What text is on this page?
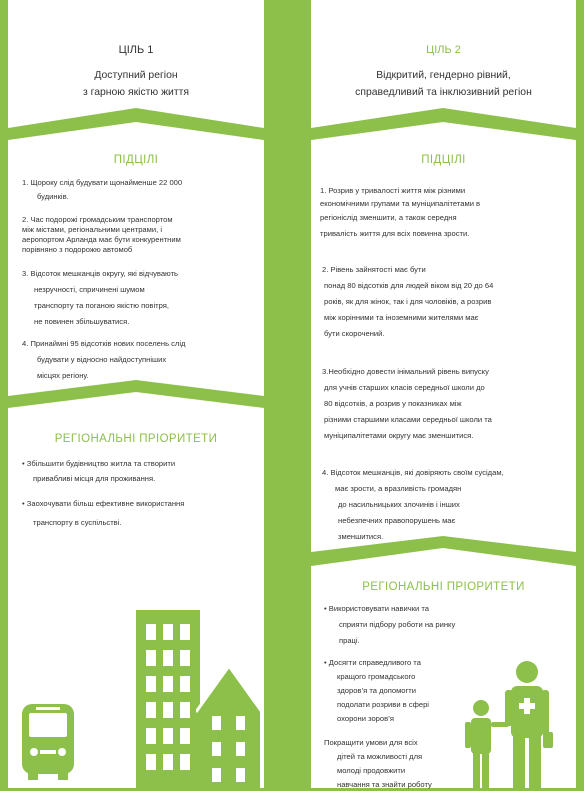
ЦІЛЬ 1
Доступний регіон
з гарною якістю життя
ПІДЦІЛІ
1. Щороку слід будувати щонайменше 22 000
будинків.
2. Час подорожі громадським транспортом
між містами, регіональними центрами, і
аеропортом Арланда має бути конкурентним
порівняно з подорожю автомоб
3. Відсоток мешканців округу, які відчувають
незручності, спричинені шумом
транспорту та поганою якістю повітря,
не повинен збільшуватися.
4. Принаймні 95 відсотків нових поселень слід
будувати у відносно найдоступніших
місцях регіону.
РЕГІОНАЛЬНІ ПРІОРИТЕТИ
• Збільшити будівництво житла та створити
привабливі місця для проживання.
• Заохочувати більш ефективне використання
транспорту в суспільстві.
ЦІЛЬ 2
Відкритий, гендерно рівний,
справедливий та інклюзивний регіон
ПІДЦІЛІ
1. Розрив у тривалості життя між різними
економічними групами та муніципалітетами в
регіоніслід зменшити, а також середня
тривалість життя для всіх повинна зрости.
2. Рівень зайнятості має бути
понад 80 відсотків для людей віком від 20 до 64
років, як для жінок, так і для чоловіків, а розрив
між корінними та іноземними жителями має
бути скорочений.
3.Необхідно довести інімальний рівень випуску
для учнів старших класів середньої школи до
80 відсотків, а розрив у показниках між
різними старшими класами середньої школи та
муніципалітетами округу має зменшитися.
4. Відсоток мешканців, які довіряють своїм сусідам,
має зрости, а вразливість громадян
до насильницьких злочинів і інших
небезпечних правопорушень має
зменшитися.
РЕГІОНАЛЬНІ ПРІОРИТЕТИ
• Використовувати навички та
сприяти підбору роботи на ринку
праці.
• Досягти справедливого та
кращого громадського
здоров’я та допомогти
подолати розриви в сфері
охорони зоров’я
Покращити умови для всіх
дітей та можливості для
молоді продовжити
навчання та знайти роботу
